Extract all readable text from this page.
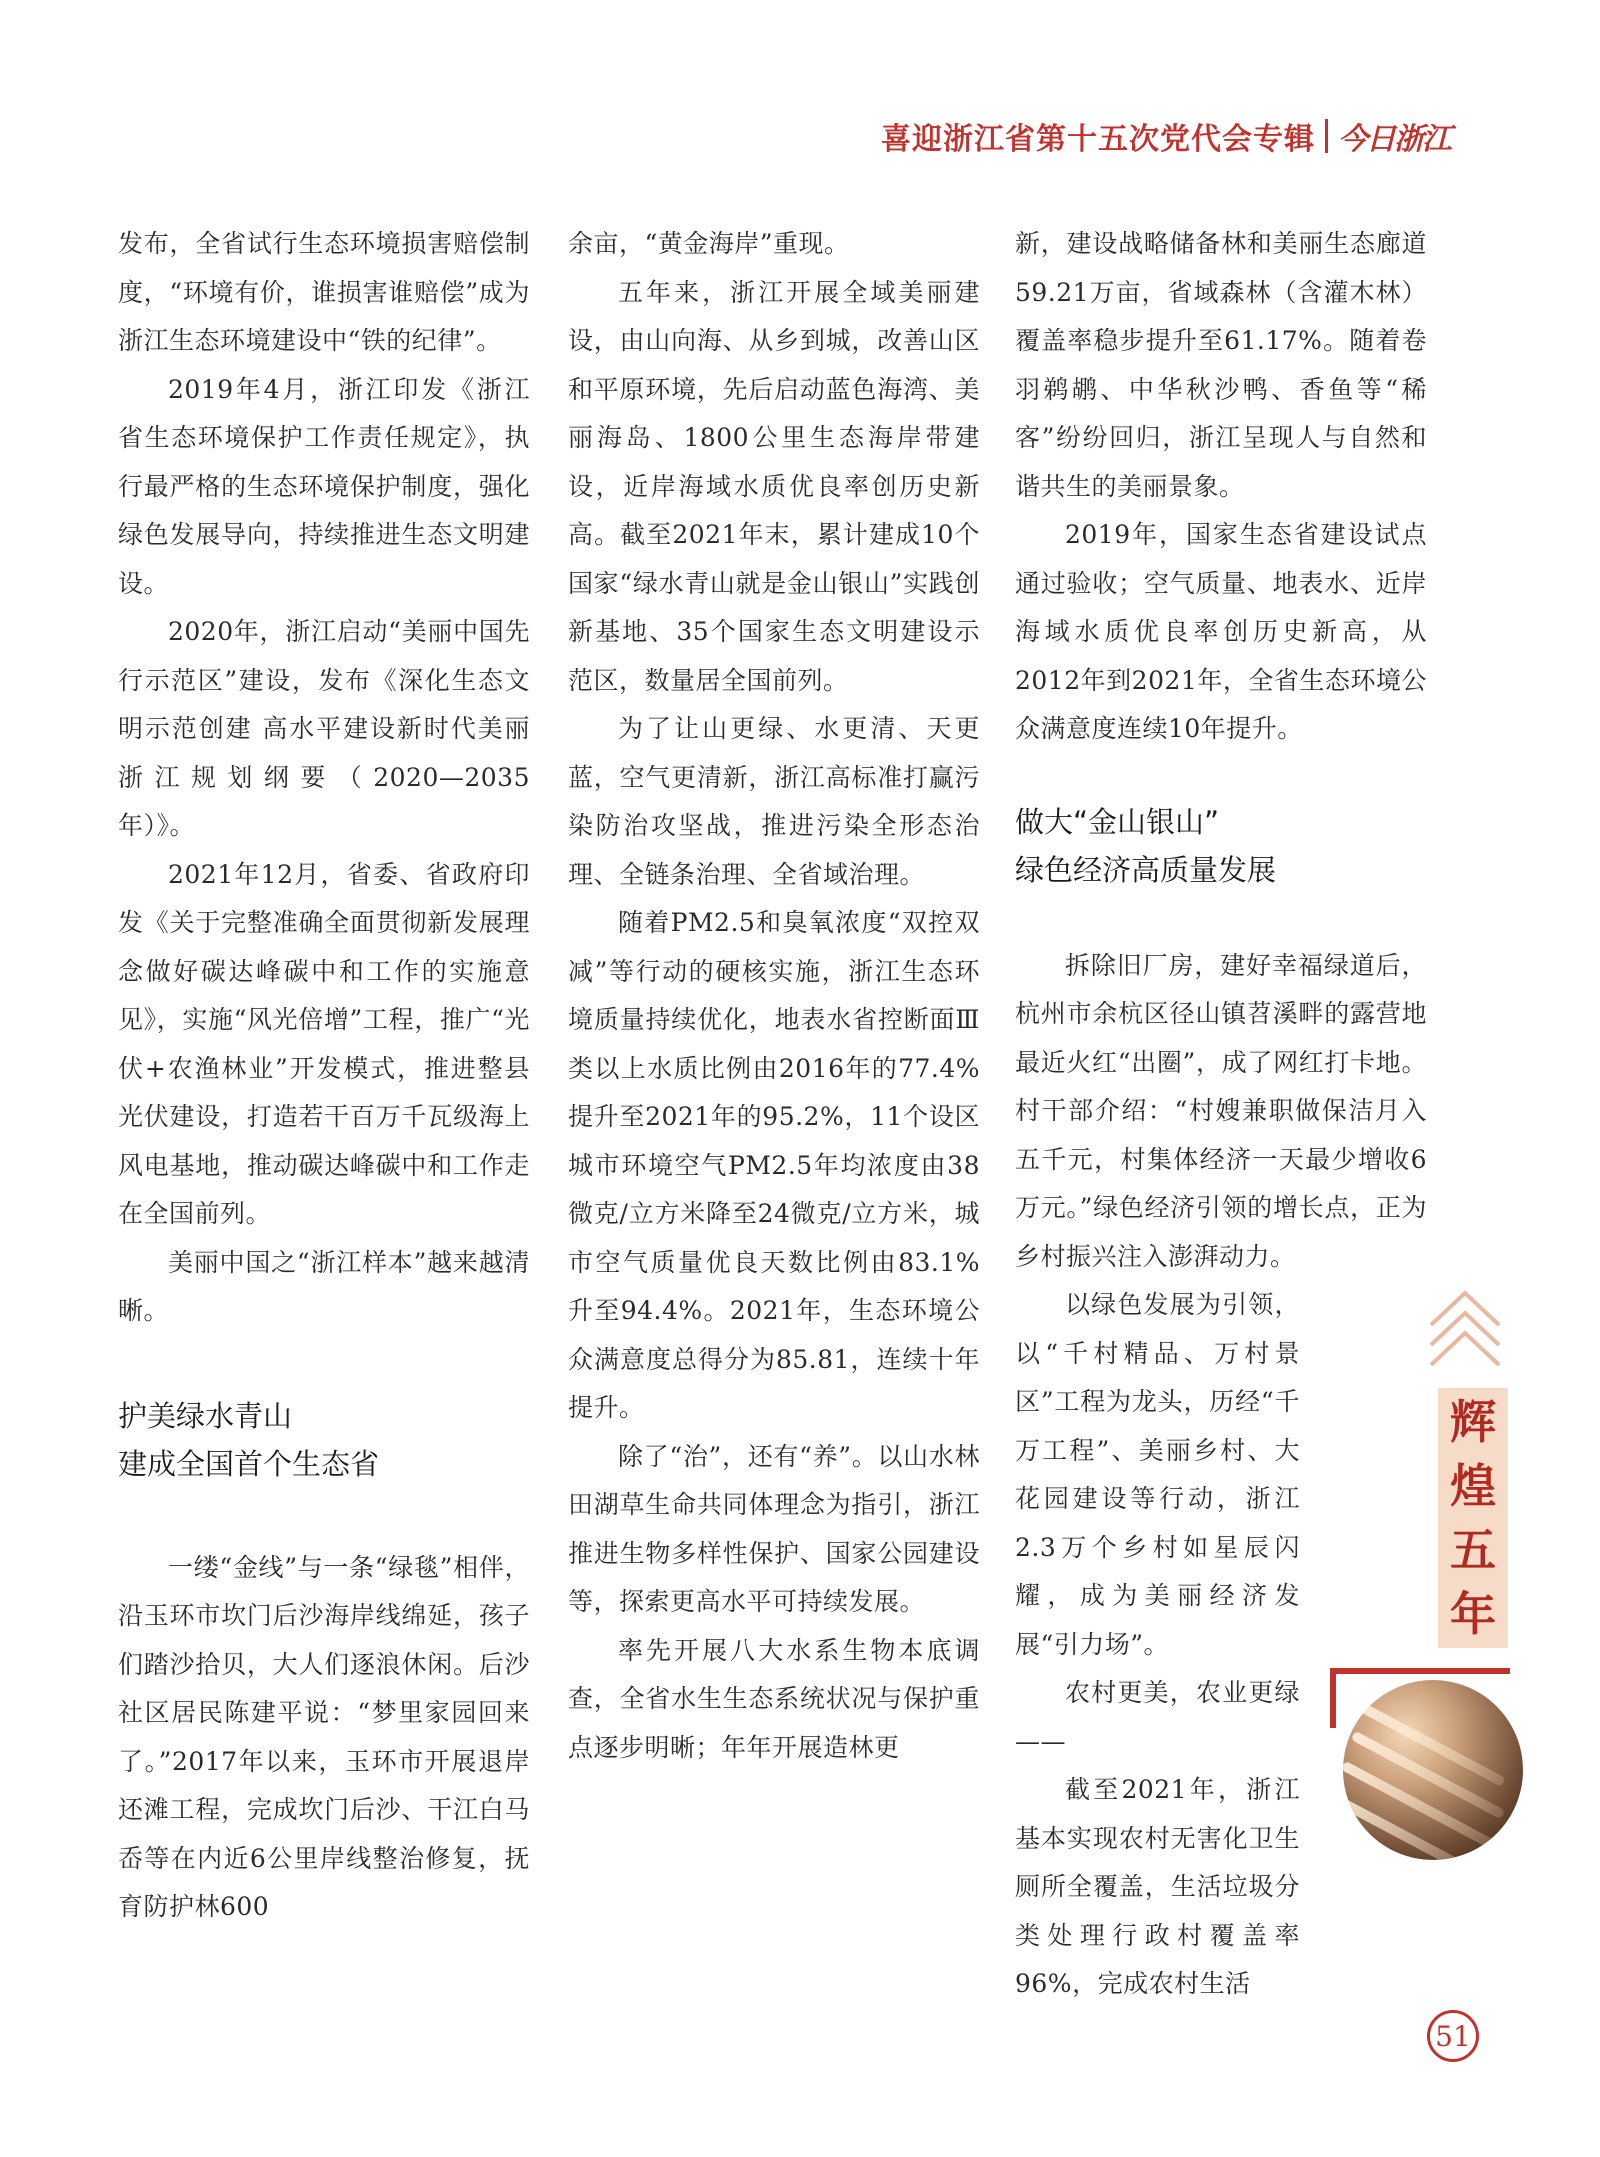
喜迎浙江省第十五次党代会专辑 今日浙江

发布，全省试行生态环境损害赔偿制度，“环境有价，谁损害谁赔偿”成为浙江生态环境建设中“铁的纪律”。

2019年4月，浙江印发《浙江省生态环境保护工作责任规定》，执行最严格的生态环境保护制度，强化绿色发展导向，持续推进生态文明建设。

2020年，浙江启动“美丽中国先行示范区”建设，发布《深化生态文明示范创建 高水平建设新时代美丽浙江规划纲要（2020—2035年）》。

2021年12月，省委、省政府印发《关于完整准确全面贯彻新发展理念做好碳达峰碳中和工作的实施意见》，实施“风光倍增”工程，推广“光伏+农渔林业”开发模式，推进整县光伏建设，打造若干百万千瓦级海上风电基地，推动碳达峰碳中和工作走在全国前列。

美丽中国之“浙江样本”越来越清晰。

护美绿水青山
建成全国首个生态省

一缕“金线”与一条“绿毯”相伴，沿玉环市坎门后沙海岸线绵延，孩子们踏沙拾贝，大人们逐浪休闲。后沙社区居民陈建平说：“梦里家园回来了。”2017年以来，玉环市开展退岸还滩工程，完成坎门后沙、干江白马岙等在内近6公里岸线整治修复，抚育防护林600

余亩，“黄金海岸”重现。

五年来，浙江开展全域美丽建设，由山向海、从乡到城，改善山区和平原环境，先后启动蓝色海湾、美丽海岛、1800公里生态海岸带建设，近岸海域水质优良率创历史新高。截至2021年末，累计建成10个国家“绿水青山就是金山银山”实践创新基地、35个国家生态文明建设示范区，数量居全国前列。

为了让山更绿、水更清、天更蓝，空气更清新，浙江高标准打赢污染防治攻坚战，推进污染全形态治理、全链条治理、全省域治理。

随着PM2.5和臭氧浓度“双控双减”等行动的硬核实施，浙江生态环境质量持续优化，地表水省控断面Ⅲ类以上水质比例由2016年的77.4%提升至2021年的95.2%，11个设区城市环境空气PM2.5年均浓度由38微克/立方米降至24微克/立方米，城市空气质量优良天数比例由83.1%升至94.4%。2021年，生态环境公众满意度总得分为85.81，连续十年提升。

除了“治”，还有“养”。以山水林田湖草生命共同体理念为指引，浙江推进生物多样性保护、国家公园建设等，探索更高水平可持续发展。

率先开展八大水系生物本底调查，全省水生生态系统状况与保护重点逐步明晰；年年开展造林更

新，建设战略储备林和美丽生态廊道59.21万亩，省域森林（含灌木林）覆盖率稳步提升至61.17%。随着卷羽鹈鹕、中华秋沙鸭、香鱼等“稀客”纷纷回归，浙江呈现人与自然和谐共生的美丽景象。

2019年，国家生态省建设试点通过验收；空气质量、地表水、近岸海域水质优良率创历史新高，从2012年到2021年，全省生态环境公众满意度连续10年提升。

做大“金山银山”
绿色经济高质量发展

拆除旧厂房，建好幸福绿道后，杭州市余杭区径山镇苕溪畔的露营地最近火红“出圈”，成了网红打卡地。村干部介绍：“村嫂兼职做保洁月入五千元，村集体经济一天最少增收6万元。”绿色经济引领的增长点，正为乡村振兴注入澎湃动力。

以绿色发展为引领，以“千村精品、万村景区”工程为龙头，历经“千万工程”、美丽乡村、大花园建设等行动，浙江2.3万个乡村如星辰闪耀，成为美丽经济发展“引力场”。

农村更美，农业更绿——

截至2021年，浙江基本实现农村无害化卫生厕所全覆盖，生活垃圾分类处理行政村覆盖率96%，完成农村生活

辉
煌
五
年
51
